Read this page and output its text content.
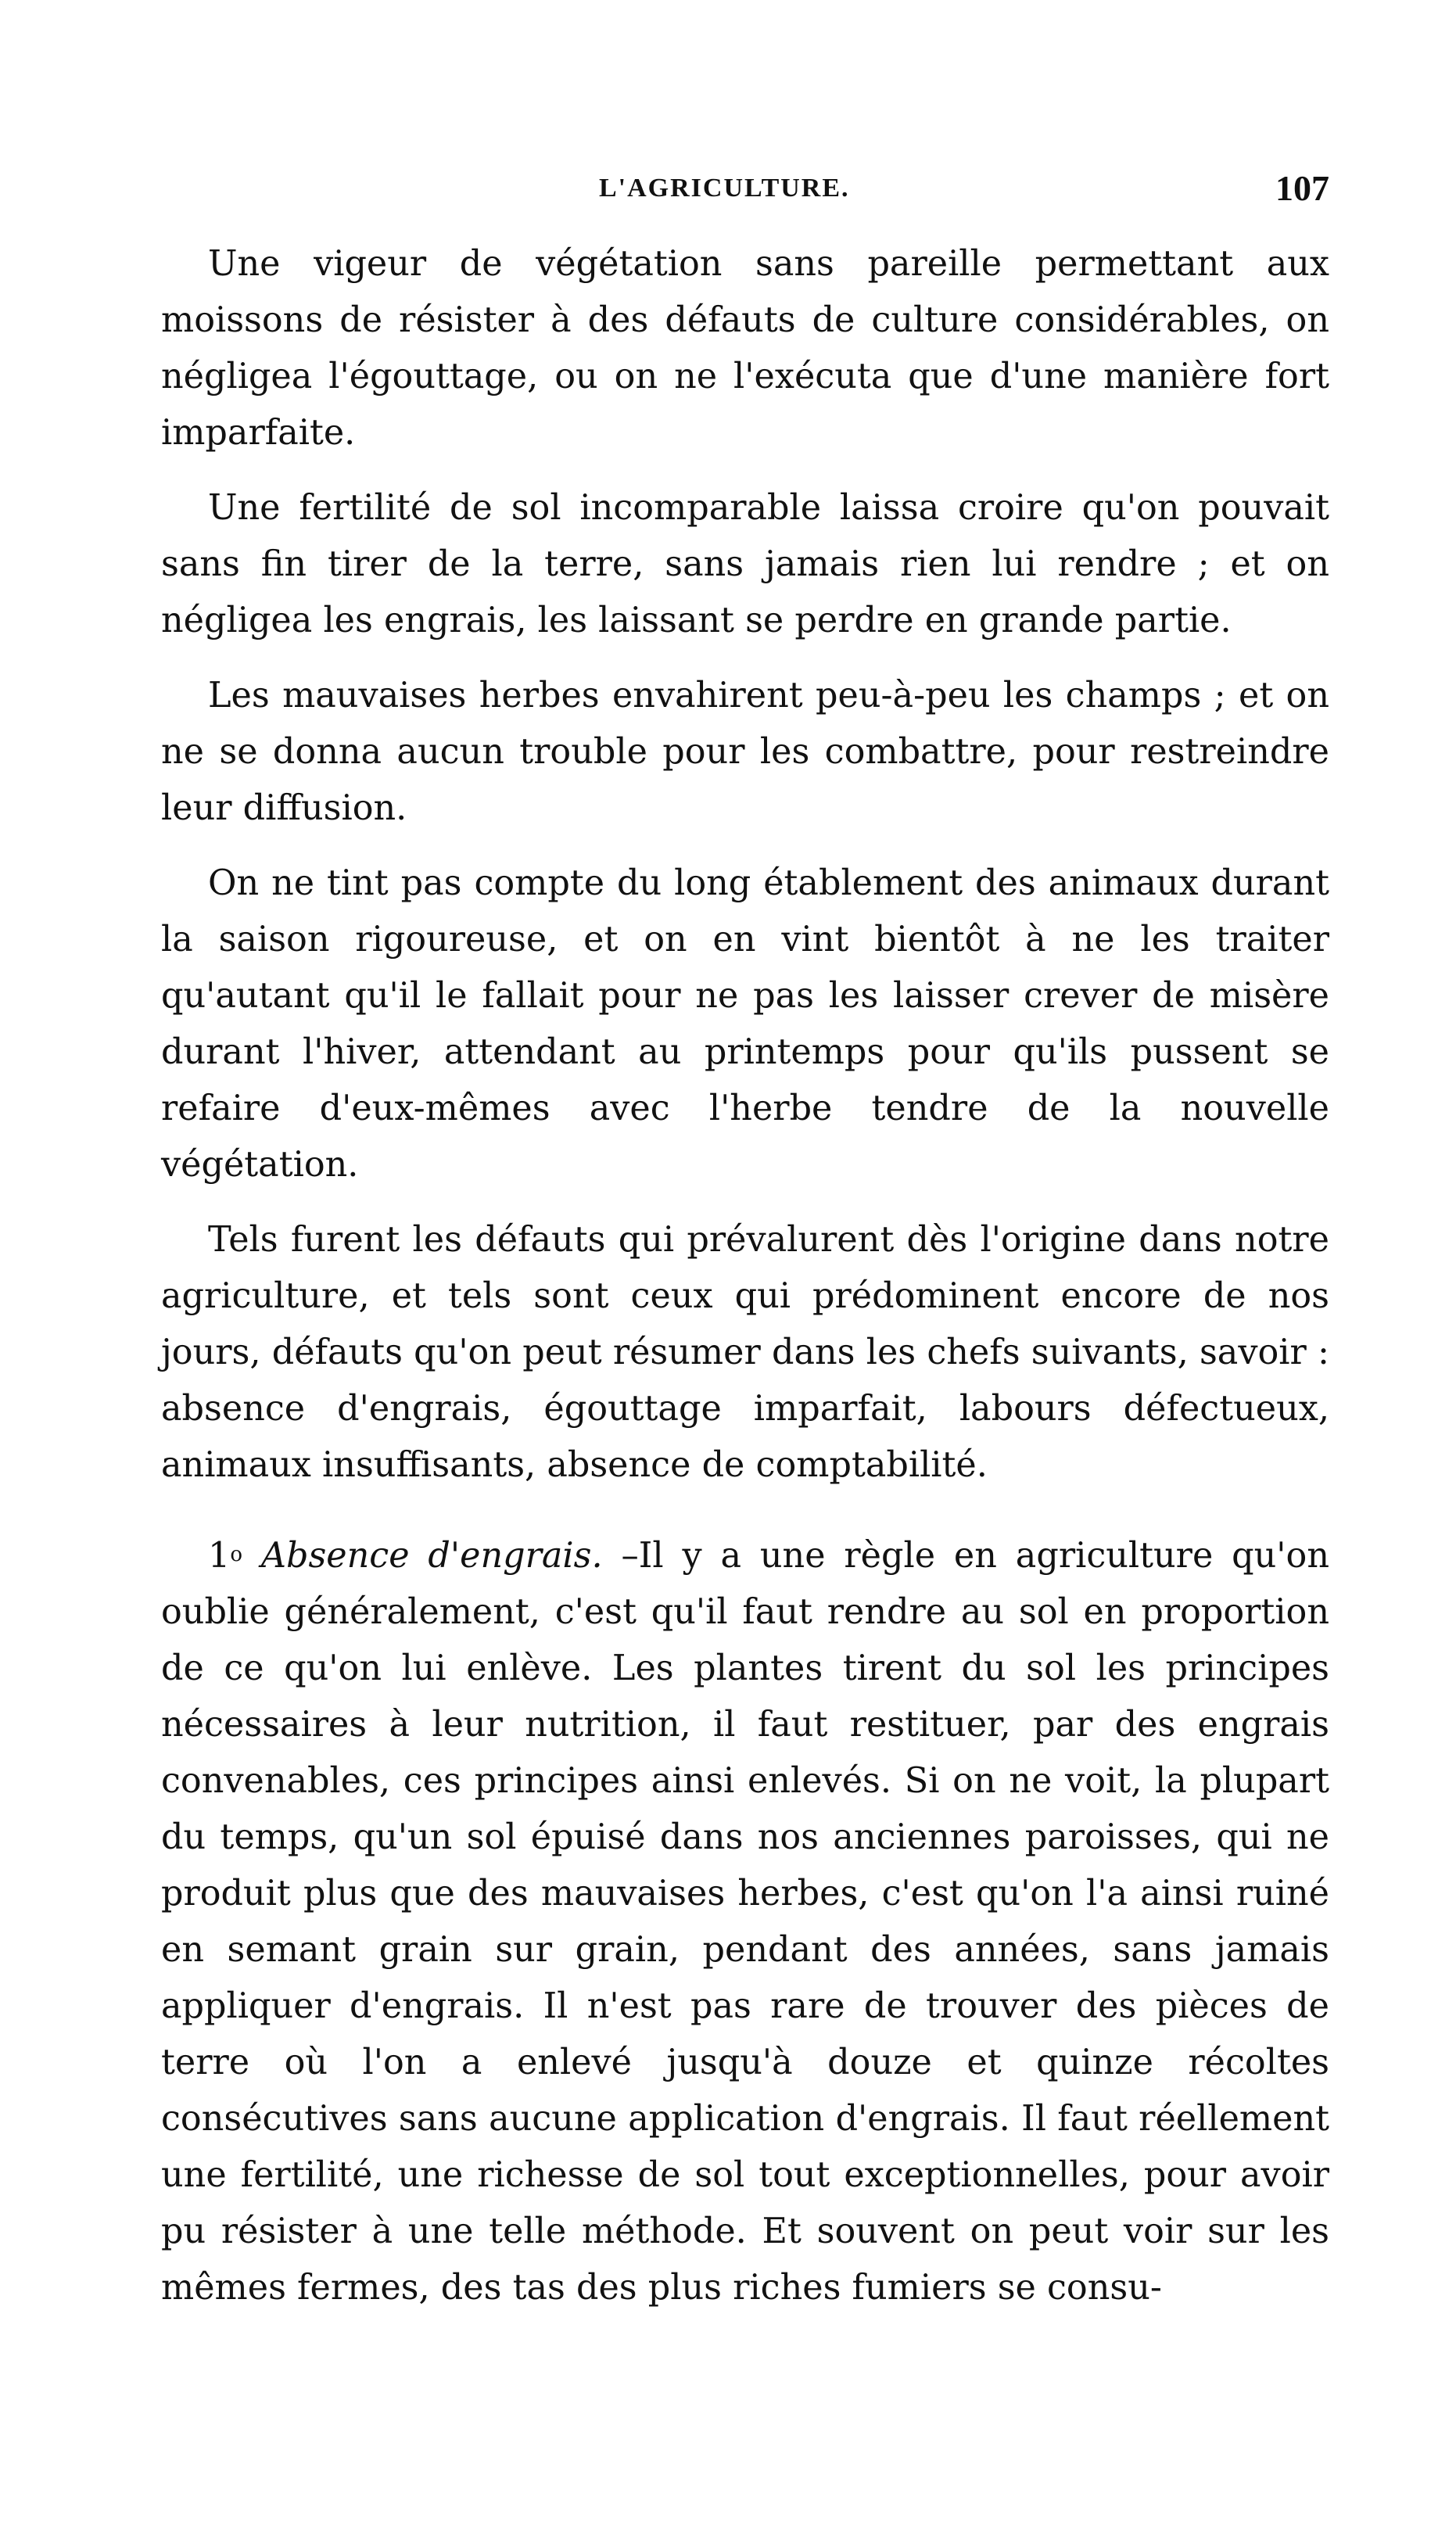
L'AGRICULTURE.	107

Une vigeur de végétation sans pareille permettant aux moissons de résister à des défauts de culture considérables, on négligea l'égouttage, ou on ne l'exécuta que d'une manière fort imparfaite.

Une fertilité de sol incomparable laissa croire qu'on pouvait sans fin tirer de la terre, sans jamais rien lui rendre ; et on négligea les engrais, les laissant se perdre en grande partie.

Les mauvaises herbes envahirent peu-à-peu les champs ; et on ne se donna aucun trouble pour les combattre, pour restreindre leur diffusion.

On ne tint pas compte du long établement des animaux durant la saison rigoureuse, et on en vint bientôt à ne les traiter qu'autant qu'il le fallait pour ne pas les laisser crever de misère durant l'hiver, attendant au printemps pour qu'ils pussent se refaire d'eux-mêmes avec l'herbe tendre de la nouvelle végétation.

Tels furent les défauts qui prévalurent dès l'origine dans notre agriculture, et tels sont ceux qui prédominent encore de nos jours, défauts qu'on peut résumer dans les chefs suivants, savoir : absence d'engrais, égouttage imparfait, labours défectueux, animaux insuffisants, absence de comptabilité.

1$^o$ Absence d'engrais. –Il y a une règle en agriculture qu'on oublie généralement, c'est qu'il faut rendre au sol en proportion de ce qu'on lui enlève. Les plantes tirent du sol les principes nécessaires à leur nutrition, il faut restituer, par des engrais convenables, ces principes ainsi enlevés. Si on ne voit, la plupart du temps, qu'un sol épuisé dans nos anciennes paroisses, qui ne produit plus que des mauvaises herbes, c'est qu'on l'a ainsi ruiné en semant grain sur grain, pendant des années, sans jamais appliquer d'engrais. Il n'est pas rare de trouver des pièces de terre où l'on a enlevé jusqu'à douze et quinze récoltes consécutives sans aucune application d'engrais. Il faut réellement une fertilité, une richesse de sol tout exceptionnelles, pour avoir pu résister à une telle méthode. Et souvent on peut voir sur les mêmes fermes, des tas des plus riches fumiers se consu-
